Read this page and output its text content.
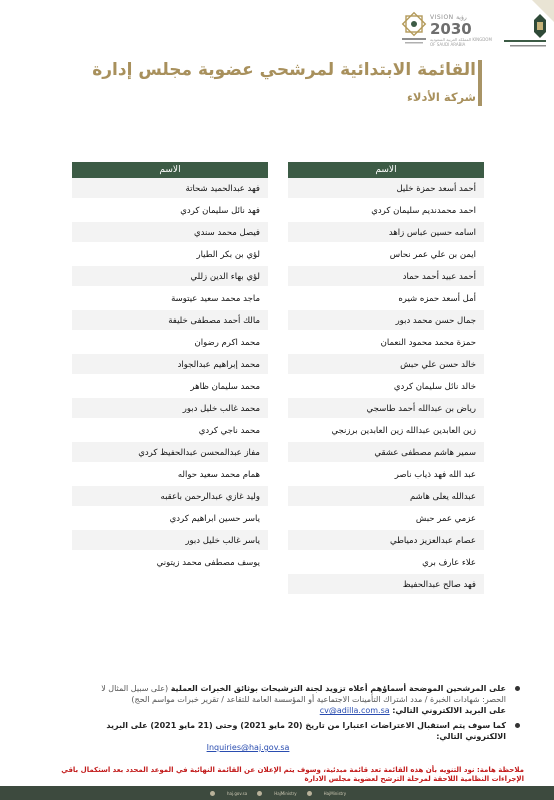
VISION رؤية
2030
المملكة العربية السعودية KINGDOM OF SAUDI ARABIA
القائمة الابتدائية لمرشحي عضوية مجلس إدارة
شركة الأدلاء
الاسم
أحمد أسعد حمزة خليل
احمد محمدنديم سليمان كردي
اسامه حسين عباس زاهد
ايمن بن علي عمر نحاس
أحمد عبيد أحمد حماد
أمل أسعد حمزه شيره
جمال حسن محمد دبور
حمزة محمد محمود النعمان
خالد حسن علي حبش
خالد نائل سليمان كردي
رياض بن عبدالله أحمد طاسجي
زين العابدين عبدالله زين العابدين برزنجي
سمير هاشم مصطفى عشقي
عبد الله فهد ذياب ناصر
عبدالله يعلى هاشم
عزمي عمر حبش
عصام عبدالعزيز دمياطي
علاء عارف بري
فهد صالح عبدالحفيظ
الاسم
فهد عبدالحميد شحاتة
فهد نائل سليمان كردي
فيصل محمد سندي
لؤي بن بكر الطيار
لؤي بهاء الدين زللي
ماجد محمد سعيد عيتوسة
مالك أحمد مصطفى خليفة
محمد اكرم رضوان
محمد إبراهيم عبدالجواد
محمد سليمان ظاهر
محمد غالب خليل دبور
محمد ناجي كردي
مفاز عبدالمحسن عبدالحفيظ كردي
همام محمد سعيد حواله
وليد غازي عبدالرحمن باعقبه
ياسر حسين ابراهيم كردي
ياسر غالب خليل دبور
يوسف مصطفى محمد زيتوني
على المرشحين الموضحة أسماؤهم أعلاه تزويد لجنة الترشيحات بوثائق الخبرات العملية (على سبيل المثال لا
الحصر: شهادات الخبرة / مدد اشتراك التأمينات الاجتماعية أو المؤسسة العامة للتقاعد / تقرير خبرات مواسم الحج)
على البريد الالكتروني التالي: cv@adilla.com.sa
كما سوف يتم استقبال الاعتراضات اعتبارا من تاريخ (20 مايو 2021) وحتى (21 مايو 2021) على البريد
الالكتروني التالي:
Inquiries@haj.gov.sa
ملاحظة هامة: نود التنويه بأن هذه القائمة تعد قائمة مبدئية، وسوف يتم الإعلان عن القائمة النهائية في الموعد المحدد بعد استكمال باقي
الإجراءات النظامية اللاحقة لمرحلة الترشح لعضوية مجلس الادارة
haj.gov.sa	HajMinistry	HajMinistry
